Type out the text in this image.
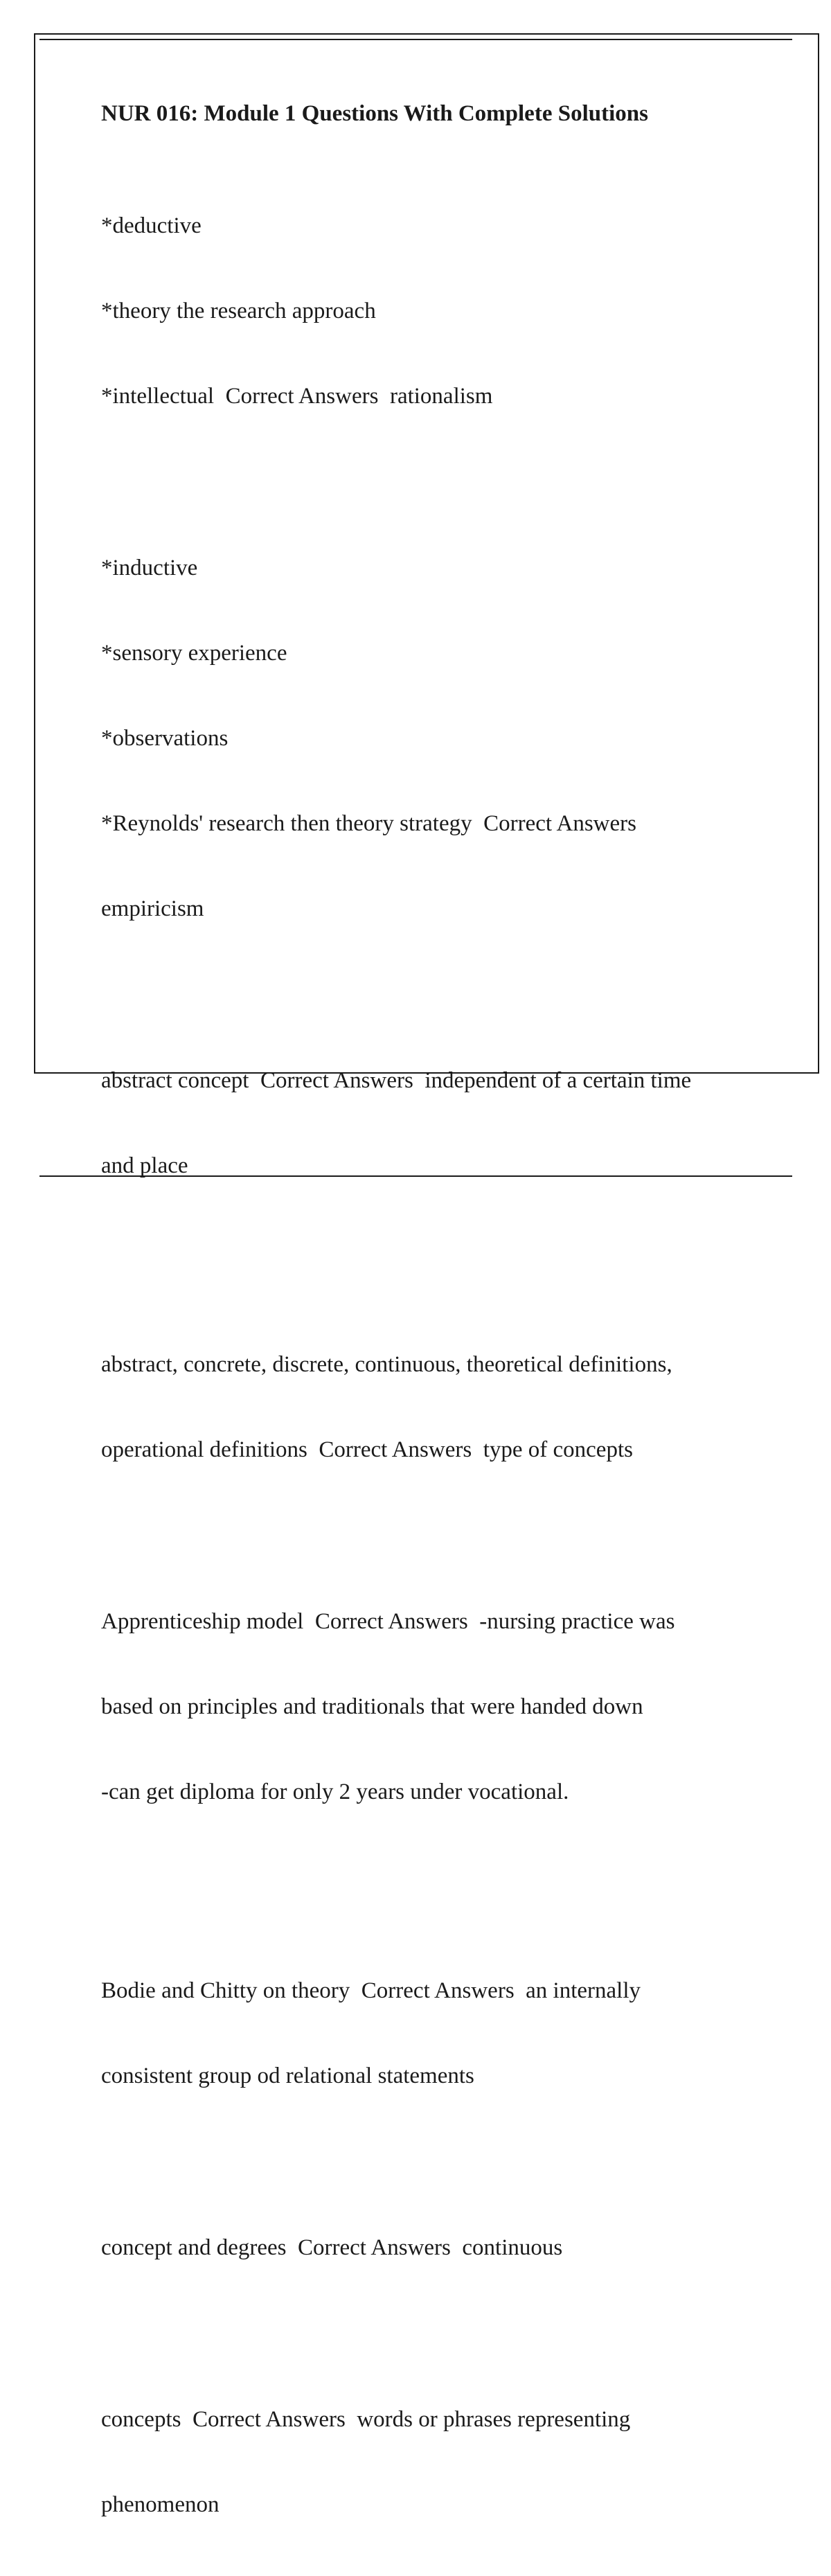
NUR 016: Module 1 Questions With Complete Solutions

*deductive

*theory the research approach

*intellectual  Correct Answers  rationalism

*inductive

*sensory experience

*observations

*Reynolds' research then theory strategy  Correct Answers

empiricism

abstract concept  Correct Answers  independent of a certain time

and place

abstract, concrete, discrete, continuous, theoretical definitions,

operational definitions  Correct Answers  type of concepts

Apprenticeship model  Correct Answers  -nursing practice was

based on principles and traditionals that were handed down

-can get diploma for only 2 years under vocational.

Bodie and Chitty on theory  Correct Answers  an internally

consistent group od relational statements

concept and degrees  Correct Answers  continuous

concepts  Correct Answers  words or phrases representing

phenomenon
